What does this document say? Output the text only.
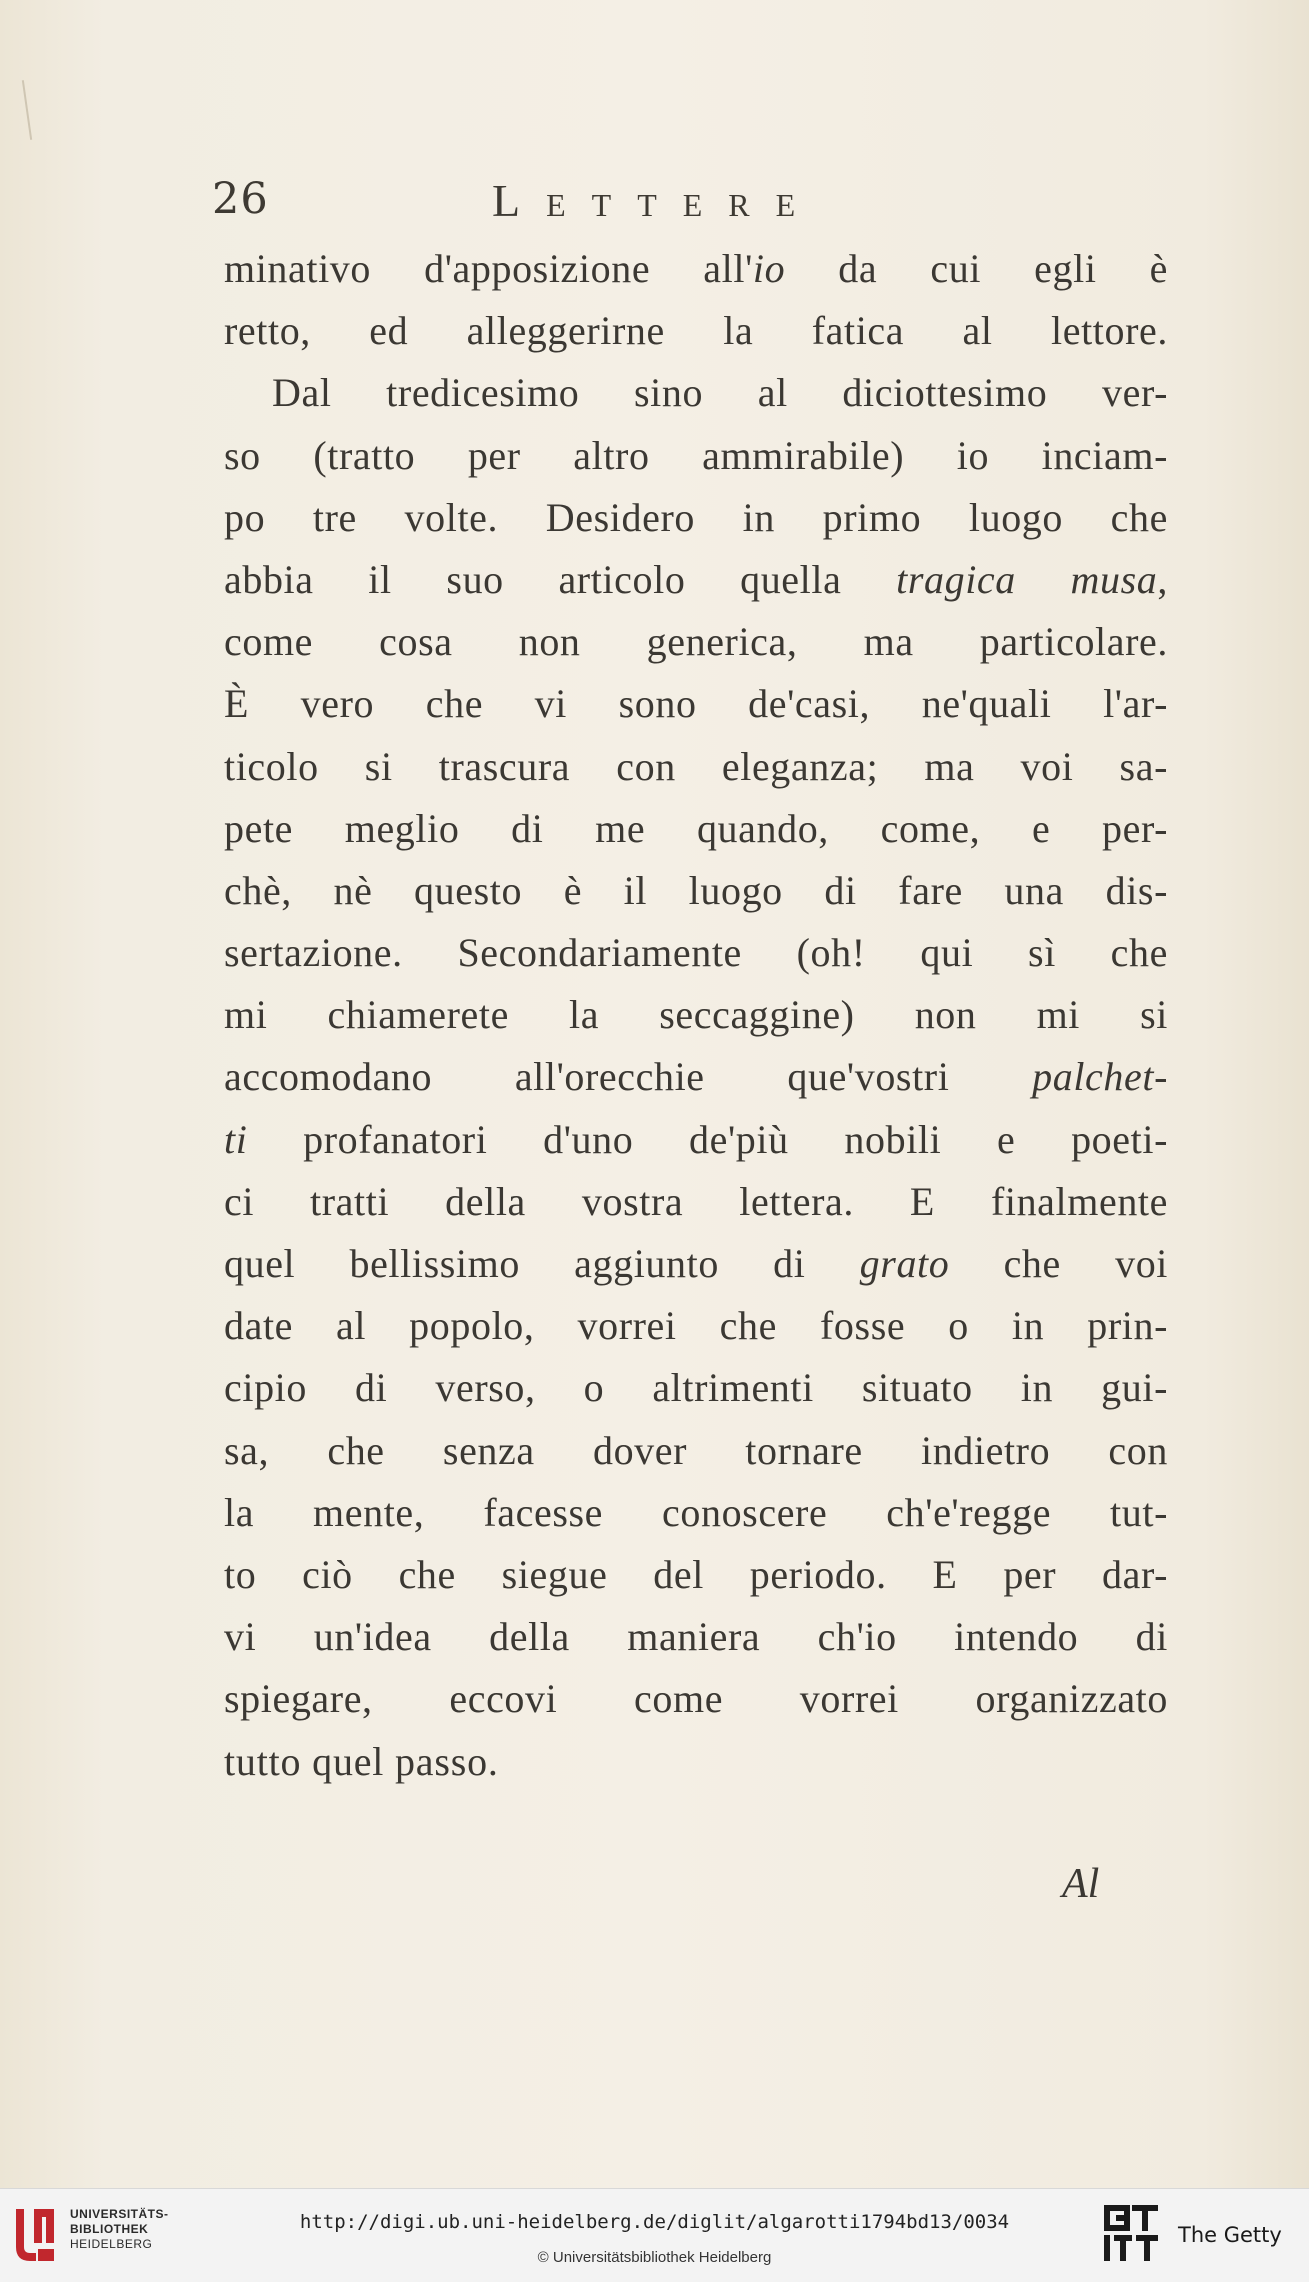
26	Lettere
minativo d'apposizione all'io da cui egli è
retto, ed alleggerirne la fatica al lettore.
Dal tredicesimo sino al diciottesimo ver-
so (tratto per altro ammirabile) io inciam-
po tre volte. Desidero in primo luogo che
abbia il suo articolo quella tragica musa,
come cosa non generica, ma particolare.
È vero che vi sono de'casi, ne'quali l'ar-
ticolo si trascura con eleganza; ma voi sa-
pete meglio di me quando, come, e per-
chè, nè questo è il luogo di fare una dis-
sertazione. Secondariamente (oh! qui sì che
mi chiamerete la seccaggine) non mi si
accomodano all'orecchie que'vostri palchet-
ti profanatori d'uno de'più nobili e poeti-
ci tratti della vostra lettera. E finalmente
quel bellissimo aggiunto di grato che voi
date al popolo, vorrei che fosse o in prin-
cipio di verso, o altrimenti situato in gui-
sa, che senza dover tornare indietro con
la mente, facesse conoscere ch'e'regge tut-
to ciò che siegue del periodo. E per dar-
vi un'idea della maniera ch'io intendo di
spiegare, eccovi come vorrei organizzato
tutto quel passo.
Al
UNIVERSITÄTS-
BIBLIOTHEK
HEIDELBERG
http://digi.ub.uni-heidelberg.de/diglit/algarotti1794bd13/0034
© Universitätsbibliothek Heidelberg
The Getty
